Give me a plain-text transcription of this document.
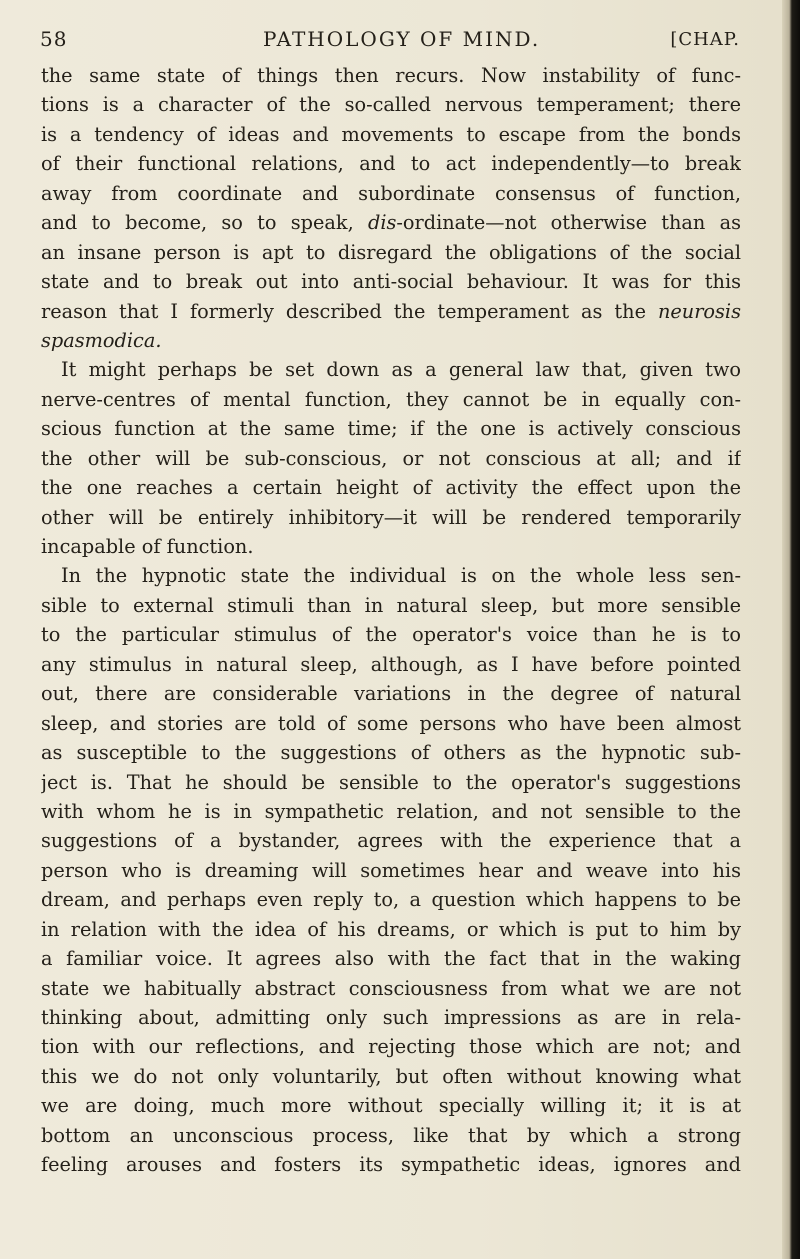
58	PATHOLOGY OF MIND.	[CHAP.
the same state of things then recurs. Now instability of func-
tions is a character of the so-called nervous temperament; there
is a tendency of ideas and movements to escape from the bonds
of their functional relations, and to act independently—to break
away from coordinate and subordinate consensus of function,
and to become, so to speak, dis-ordinate—not otherwise than as
an insane person is apt to disregard the obligations of the social
state and to break out into anti-social behaviour. It was for this
reason that I formerly described the temperament as the neurosis
spasmodica.
It might perhaps be set down as a general law that, given two
nerve-centres of mental function, they cannot be in equally con-
scious function at the same time; if the one is actively conscious
the other will be sub-conscious, or not conscious at all; and if
the one reaches a certain height of activity the effect upon the
other will be entirely inhibitory—it will be rendered temporarily
incapable of function.
In the hypnotic state the individual is on the whole less sen-
sible to external stimuli than in natural sleep, but more sensible
to the particular stimulus of the operator's voice than he is to
any stimulus in natural sleep, although, as I have before pointed
out, there are considerable variations in the degree of natural
sleep, and stories are told of some persons who have been almost
as susceptible to the suggestions of others as the hypnotic sub-
ject is. That he should be sensible to the operator's suggestions
with whom he is in sympathetic relation, and not sensible to the
suggestions of a bystander, agrees with the experience that a
person who is dreaming will sometimes hear and weave into his
dream, and perhaps even reply to, a question which happens to be
in relation with the idea of his dreams, or which is put to him by
a familiar voice. It agrees also with the fact that in the waking
state we habitually abstract consciousness from what we are not
thinking about, admitting only such impressions as are in rela-
tion with our reflections, and rejecting those which are not; and
this we do not only voluntarily, but often without knowing what
we are doing, much more without specially willing it; it is at
bottom an unconscious process, like that by which a strong
feeling arouses and fosters its sympathetic ideas, ignores and
